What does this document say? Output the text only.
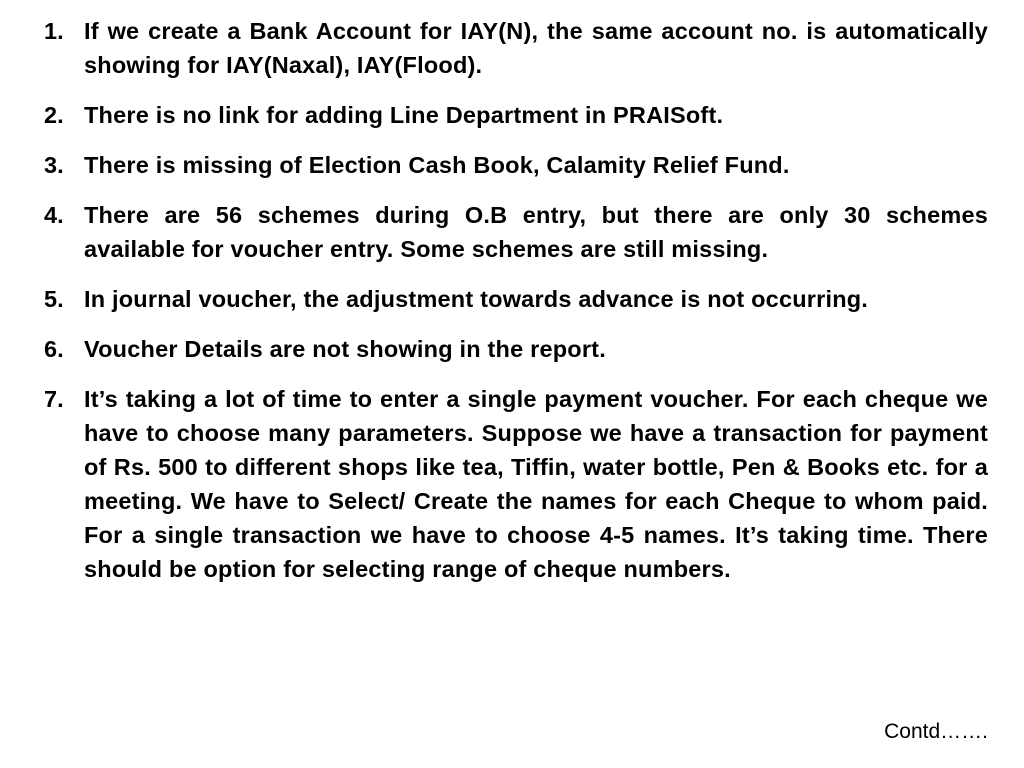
1. If we create a Bank Account for IAY(N), the same account no. is automatically showing for IAY(Naxal), IAY(Flood).
2. There is no link for adding Line Department in PRAISoft.
3. There is missing of Election Cash Book, Calamity Relief Fund.
4. There are 56 schemes during O.B entry, but there are only 30 schemes available for voucher entry. Some schemes are still missing.
5. In journal voucher, the adjustment towards advance is not occurring.
6. Voucher Details are not showing in the report.
7. It’s taking a lot of time to enter a single payment voucher. For each cheque we have to choose many parameters. Suppose we have a transaction for payment of Rs. 500 to different shops like tea, Tiffin, water bottle, Pen & Books etc. for a meeting. We have to Select/ Create the names for each Cheque to whom paid. For a single transaction we have to choose 4-5 names. It’s taking time. There should be option for selecting range of cheque numbers.
Contd…….
